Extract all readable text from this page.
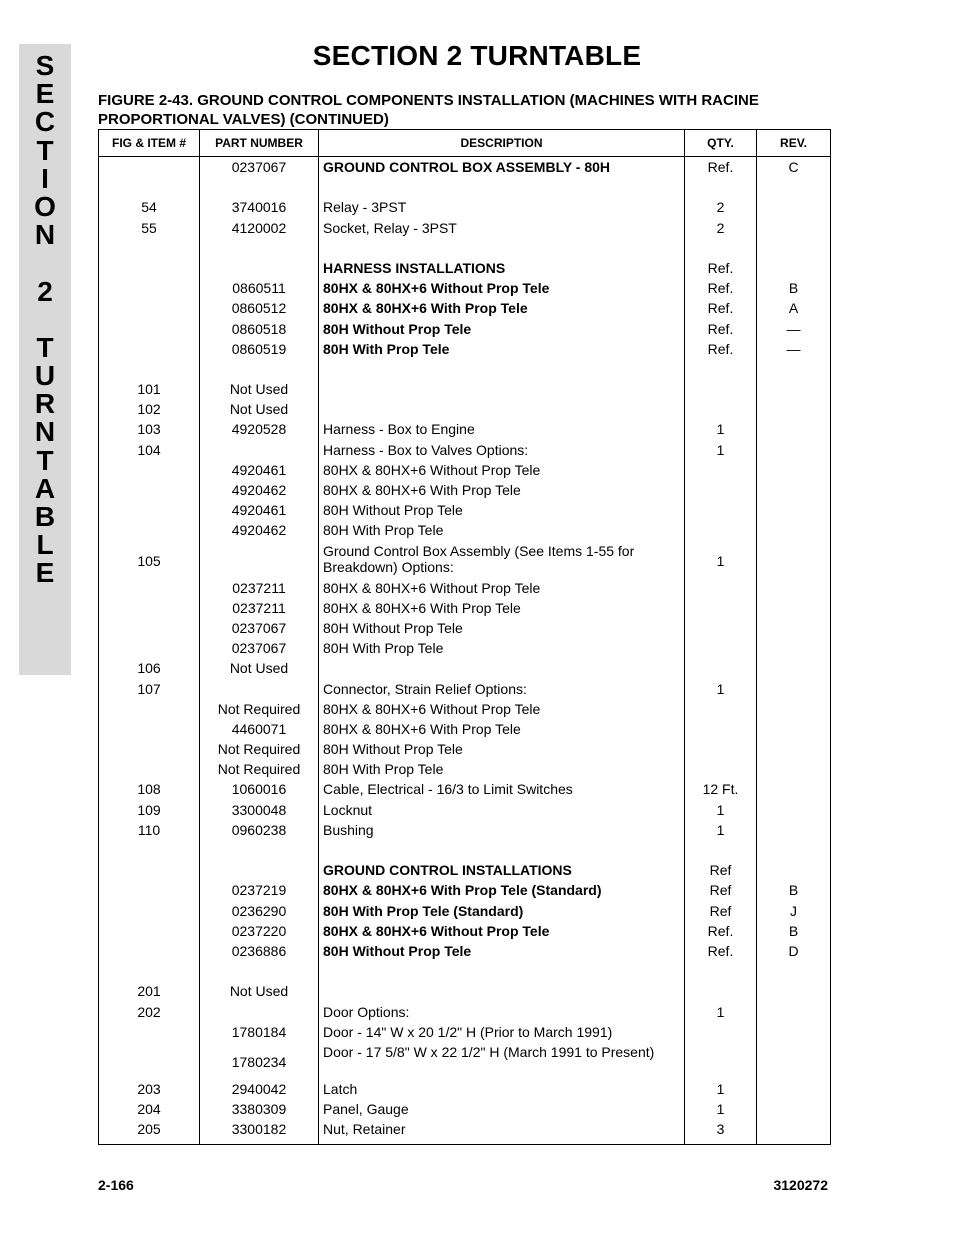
S
E
C
T
I
O
N
2
T
U
R
N
T
A
B
L
E
SECTION 2 TURNTABLE
FIGURE 2-43. GROUND CONTROL COMPONENTS INSTALLATION (MACHINES WITH RACINE PROPORTIONAL VALVES) (CONTINUED)
FIG & ITEM #	PART NUMBER	DESCRIPTION	QTY.	REV.
	0237067	GROUND CONTROL BOX ASSEMBLY - 80H	Ref.	C

54	3740016	Relay - 3PST	2	
55	4120002	Socket, Relay - 3PST	2	

		HARNESS INSTALLATIONS	Ref.	
	0860511	80HX & 80HX+6 Without Prop Tele	Ref.	B
	0860512	80HX & 80HX+6 With Prop Tele	Ref.	A
	0860518	80H Without Prop Tele	Ref.	—
	0860519	80H With Prop Tele	Ref.	—

101	Not Used			
102	Not Used			
103	4920528	Harness - Box to Engine	1	
104		Harness - Box to Valves Options:	1	
	4920461	80HX & 80HX+6 Without Prop Tele		
	4920462	80HX & 80HX+6 With Prop Tele		
	4920461	80H Without Prop Tele		
	4920462	80H With Prop Tele		
105		Ground Control Box Assembly (See Items 1-55 for Breakdown) Options:	1	
	0237211	80HX & 80HX+6 Without Prop Tele		
	0237211	80HX & 80HX+6 With Prop Tele		
	0237067	80H Without Prop Tele		
	0237067	80H With Prop Tele		
106	Not Used			
107		Connector, Strain Relief Options:	1	
	Not Required	80HX & 80HX+6 Without Prop Tele		
	4460071	80HX & 80HX+6 With Prop Tele		
	Not Required	80H Without Prop Tele		
	Not Required	80H With Prop Tele		
108	1060016	Cable, Electrical - 16/3 to Limit Switches	12 Ft.	
109	3300048	Locknut	1	
110	0960238	Bushing	1	

		GROUND CONTROL INSTALLATIONS	Ref	
	0237219	80HX & 80HX+6 With Prop Tele (Standard)	Ref	B
	0236290	80H With Prop Tele (Standard)	Ref	J
	0237220	80HX & 80HX+6 Without Prop Tele	Ref.	B
	0236886	80H Without Prop Tele	Ref.	D

201	Not Used			
202		Door Options:	1	
	1780184	Door - 14" W x 20 1/2" H (Prior to March 1991)		
	1780234	Door - 17 5/8" W x 22 1/2" H (March 1991 to Present)		
203	2940042	Latch	1	
204	3380309	Panel, Gauge	1	
205	3300182	Nut, Retainer	3	
2-166	3120272
